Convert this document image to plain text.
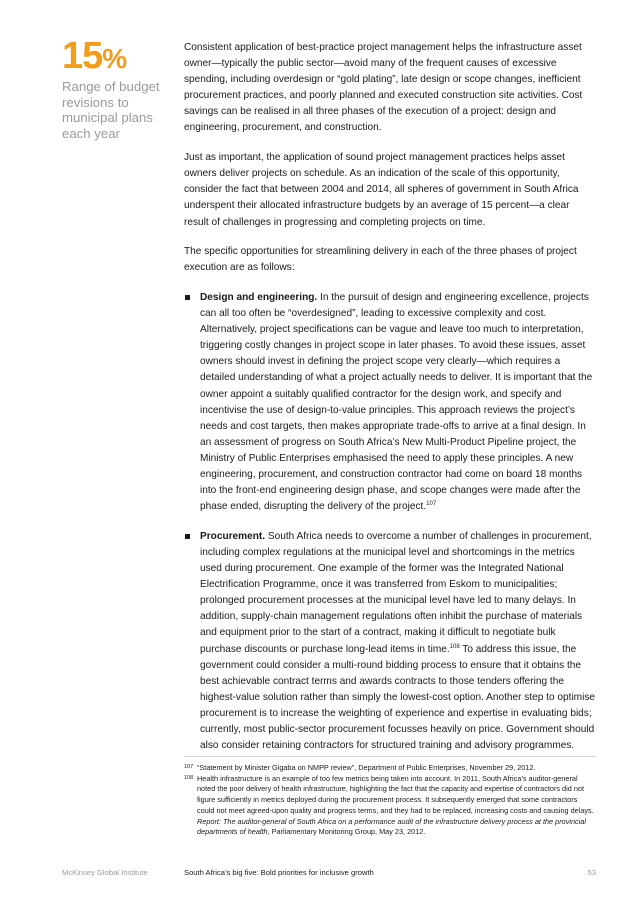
15%
Range of budget
revisions to
municipal plans
each year

Consistent application of best-practice project management helps the infrastructure asset owner—typically the public sector—avoid many of the frequent causes of excessive spending, including overdesign or “gold plating”, late design or scope changes, inefficient procurement practices, and poorly planned and executed construction site activities. Cost savings can be realised in all three phases of the execution of a project: design and engineering, procurement, and construction.

Just as important, the application of sound project management practices helps asset owners deliver projects on schedule. As an indication of the scale of this opportunity, consider the fact that between 2004 and 2014, all spheres of government in South Africa underspent their allocated infrastructure budgets by an average of 15 percent—a clear result of challenges in progressing and completing projects on time.

The specific opportunities for streamlining delivery in each of the three phases of project execution are as follows:

Design and engineering. In the pursuit of design and engineering excellence, projects can all too often be “overdesigned”, leading to excessive complexity and cost. Alternatively, project specifications can be vague and leave too much to interpretation, triggering costly changes in project scope in later phases. To avoid these issues, asset owners should invest in defining the project scope very clearly—which requires a detailed understanding of what a project actually needs to deliver. It is important that the owner appoint a suitably qualified contractor for the design work, and specify and incentivise the use of design-to-value principles. This approach reviews the project’s needs and cost targets, then makes appropriate trade-offs to arrive at a final design. In an assessment of progress on South Africa’s New Multi-Product Pipeline project, the Ministry of Public Enterprises emphasised the need to apply these principles. A new engineering, procurement, and construction contractor had come on board 18 months into the front-end engineering design phase, and scope changes were made after the phase ended, disrupting the delivery of the project.$^{107}$
Procurement. South Africa needs to overcome a number of challenges in procurement, including complex regulations at the municipal level and shortcomings in the metrics used during procurement. One example of the former was the Integrated National Electrification Programme, once it was transferred from Eskom to municipalities; prolonged procurement processes at the municipal level have led to many delays. In addition, supply-chain management regulations often inhibit the purchase of materials and equipment prior to the start of a contract, making it difficult to negotiate bulk purchase discounts or purchase long-lead items in time.$^{108}$ To address this issue, the government could consider a multi-round bidding process to ensure that it obtains the best achievable contract terms and awards contracts to those tenders offering the highest-value solution rather than simply the lowest-cost option. Another step to optimise procurement is to increase the weighting of experience and expertise in evaluating bids; currently, most public-sector procurement focusses heavily on price. Government should also consider retaining contractors for structured training and advisory programmes.
107 “Statement by Minister Gigaba on NMPP review”, Department of Public Enterprises, November 29, 2012.
108 Health infrastructure is an example of too few metrics being taken into account. In 2011, South Africa’s auditor-general noted the poor delivery of health infrastructure, highlighting the fact that the capacity and expertise of contractors did not figure sufficiently in metrics deployed during the procurement process. It subsequently emerged that some contractors could not meet agreed-upon quality and progress terms, and they had to be replaced, increasing costs and causing delays. Report: The auditor-general of South Africa on a performance audit of the infrastructure delivery process at the provincial departments of health, Parliamentary Monitoring Group, May 23, 2012.
McKinsey Global Institute	South Africa’s big five: Bold priorities for inclusive growth	53
